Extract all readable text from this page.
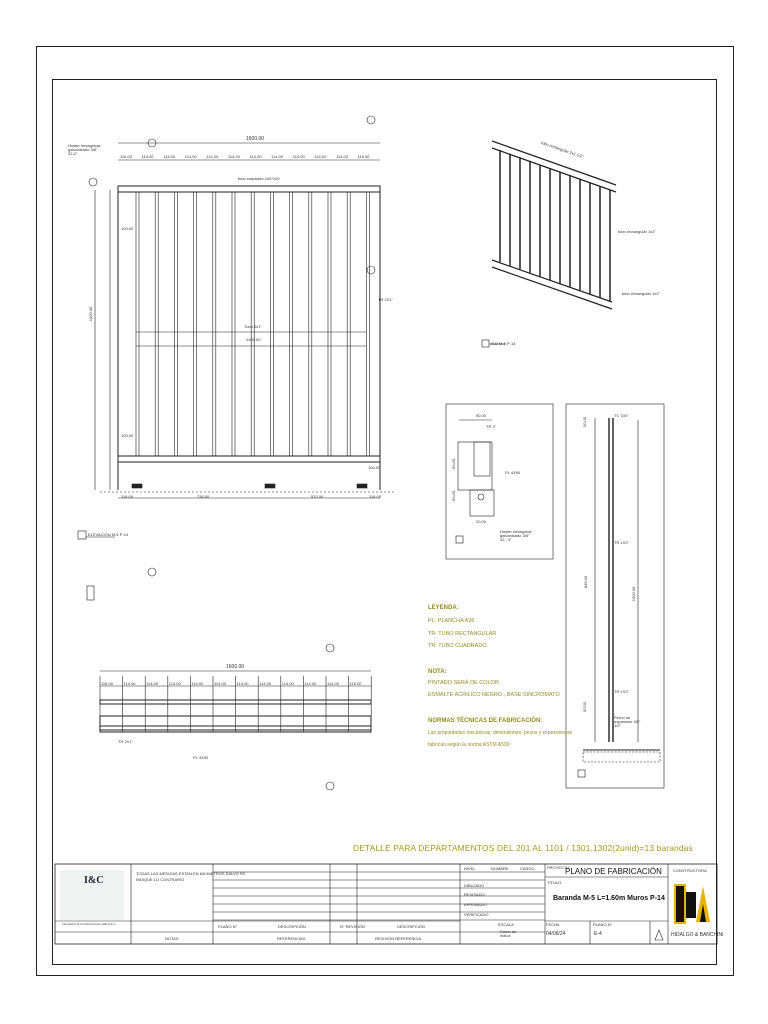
1600.00
116.00 114.00 114.00 114.00 114.00 114.00 114.00 114.00 114.00 114.00 114.00 116.00
Hoster hexagonas galvanizado 3/8" 32-2"
tubo cuadrado 100*100
Tubo 2x1"
1300.00
TR 2X1"
1000.00
100.00
100.00
100.00
116.00	736.00	570.00	116.00
ELEVACION M-5 P-14
tubo rectangular 2x1 1/2"
tubo rectangular 1x2"
tubo rectangular 1x2"
ISO M-5 P-14
50.00
50.00
50.00
20.00
PL 4X90
TR 2"
Hoster hexagonal galvanizado 3/8" 42 - 4"
TC 100"
TR 1X2"
TR 1X2"
Perno de expansion 3/8" 1/2"
50.00
849.00
1000.00
50.00
1600.00
116.00	114.00	114.00	114.00	114.00	114.00	114.00	114.00	114.00	114.00	114.00	116.00
TR 2X1"
PL 4X90
LEYENDA:
PL: PLANCHA A36
TR: TUBO RECTANGULAR
TR: TUBO CUADRADO
NOTA:
PINTADO SERÁ DE COLOR
ESMALTE ACRILICO NEGRO , BASE SINCROMATO
NORMAS TÉCNICAS DE FABRICACIÓN:
Las propiedades mecánicas, dimensiones, pesos y espesores se
fabrican según la norma ASTM A500
DETALLE PARA DEPARTAMENTOS DEL 201 AL 1101 / 1301,1302(2unid)=13 barandas
I&C
Innovación & Construcciones Hall S.A.C.
TODAS LAS MEDIDAS ESTAN EN MILIMETROS SALVO SE
INDIQUE LO CONTRARIO
NOTAS
PLANO N°	DESCRIPCIÓN
REFERENCIAS
N° REVISIÓN	DESCRIPCIÓN
REVISIÓN REFERENCIA
NIVEL	NOMBRE	CARGO
DIBUJADO
REVISADO
APROBADO
VERIFICADO
PROYECTO
PLANO DE FABRICACIÓN
TITULO
Baranda M-5 L=1.60m Muros P-14
ESCALA
Como se indica
FECHA
04/08/24
PLANO N°
E-4
CONSTRUCTORA
HIDALGO & BANCHINI
